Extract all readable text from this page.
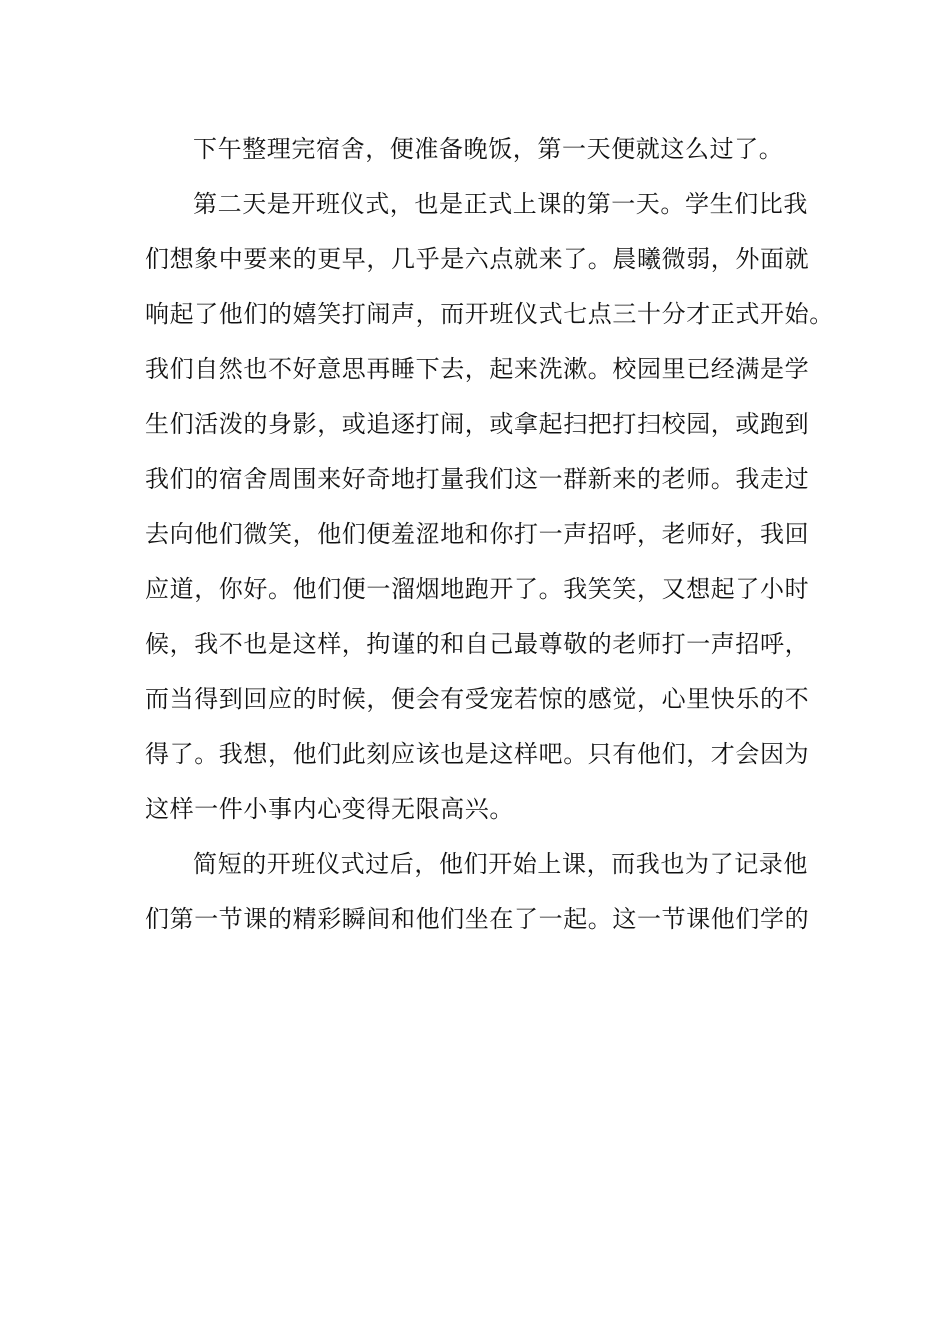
下午整理完宿舍，便准备晚饭，第一天便就这么过了。
第二天是开班仪式，也是正式上课的第一天。学生们比我
们想象中要来的更早，几乎是六点就来了。晨曦微弱，外面就
响起了他们的嬉笑打闹声，而开班仪式七点三十分才正式开始。
我们自然也不好意思再睡下去，起来洗漱。校园里已经满是学
生们活泼的身影，或追逐打闹，或拿起扫把打扫校园，或跑到
我们的宿舍周围来好奇地打量我们这一群新来的老师。我走过
去向他们微笑，他们便羞涩地和你打一声招呼，老师好，我回
应道，你好。他们便一溜烟地跑开了。我笑笑，又想起了小时
候，我不也是这样，拘谨的和自己最尊敬的老师打一声招呼，
而当得到回应的时候，便会有受宠若惊的感觉，心里快乐的不
得了。我想，他们此刻应该也是这样吧。只有他们，才会因为
这样一件小事内心变得无限高兴。
简短的开班仪式过后，他们开始上课，而我也为了记录他
们第一节课的精彩瞬间和他们坐在了一起。这一节课他们学的
